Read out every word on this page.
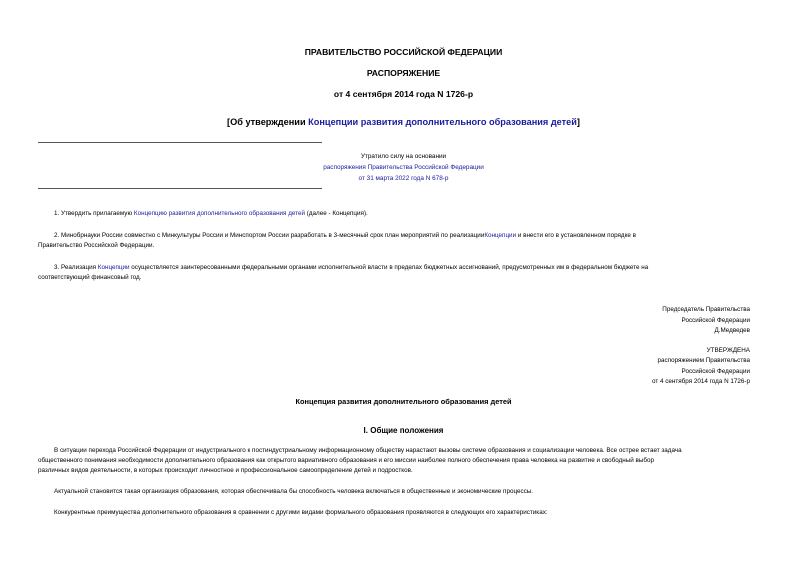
ПРАВИТЕЛЬСТВО РОССИЙСКОЙ ФЕДЕРАЦИИ
РАСПОРЯЖЕНИЕ
от 4 сентября 2014 года N 1726-р
[Об утверждении Концепции развития дополнительного образования детей]
Утратило силу на основании
распоряжения Правительства Российской Федерации
от 31 марта 2022 года N 678-р
1. Утвердить прилагаемую Концепцию развития дополнительного образования детей (далее - Концепция).
2. Минобрнауки России совместно с Минкультуры России и Минспортом России разработать в 3-месячный срок план мероприятий по реализацииКонцепции и внести его в установленном порядке в
Правительство Российской Федерации.
3. Реализация Концепции осуществляется заинтересованными федеральными органами исполнительной власти в пределах бюджетных ассигнований, предусмотренных им в федеральном бюджете на
соответствующий финансовый год.
Председатель Правительства
Российской Федерации
Д.Медведев
УТВЕРЖДЕНА
распоряжением Правительства
Российской Федерации
от 4 сентября 2014 года N 1726-р
Концепция развития дополнительного образования детей
I. Общие положения
В ситуации перехода Российской Федерации от индустриального к постиндустриальному информационному обществу нарастают вызовы системе образования и социализации человека. Все острее встает задача
общественного понимания необходимости дополнительного образования как открытого вариативного образования и его миссии наиболее полного обеспечения права человека на развитие и свободный выбор
различных видов деятельности, в которых происходит личностное и профессиональное самоопределение детей и подростков.
Актуальной становится такая организация образования, которая обеспечивала бы способность человека включаться в общественные и экономические процессы.
Конкурентные преимущества дополнительного образования в сравнении с другими видами формального образования проявляются в следующих его характеристиках:
